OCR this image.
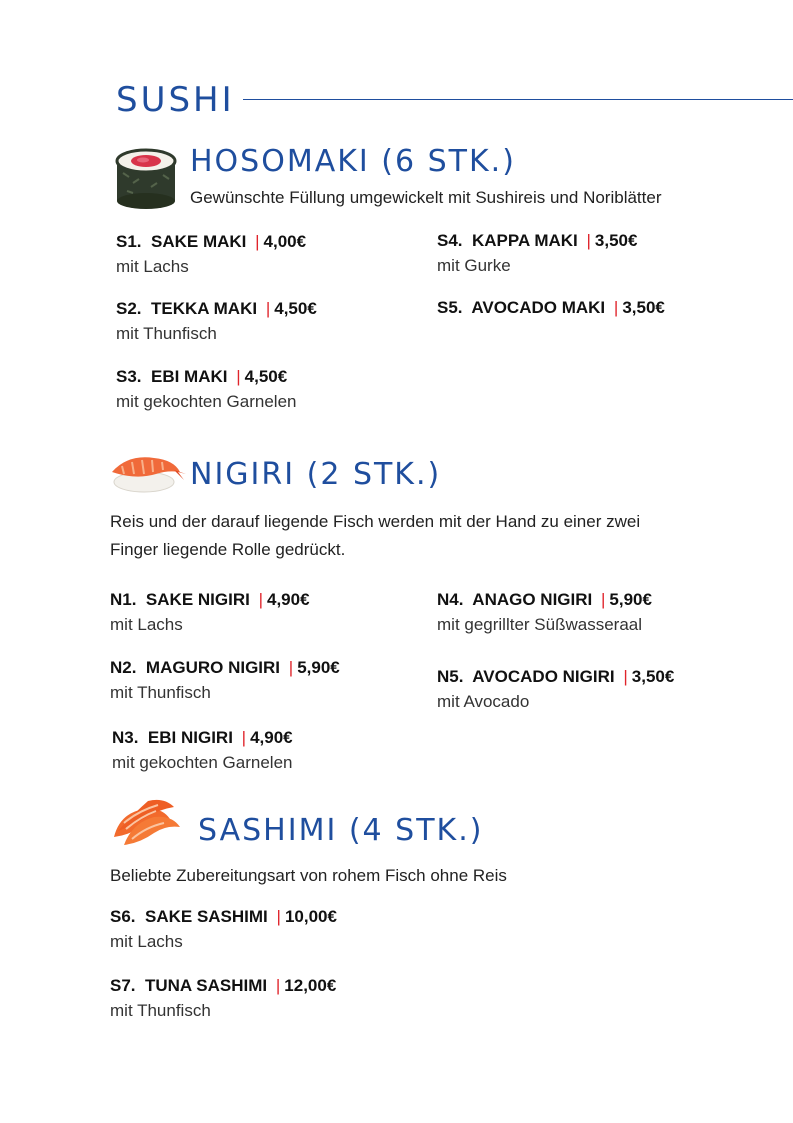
SUSHI
HOSOMAKI (6 STK.)
Gewünschte Füllung umgewickelt mit Sushireis und Noriblätter
S1. SAKE MAKI | 4,00€
mit Lachs
S2. TEKKA MAKI | 4,50€
mit Thunfisch
S3. EBI MAKI | 4,50€
mit gekochten Garnelen
S4. KAPPA MAKI | 3,50€
mit Gurke
S5. AVOCADO MAKI | 3,50€
NIGIRI (2 STK.)
Reis und der darauf liegende Fisch werden mit der Hand zu einer zwei
Finger liegende Rolle gedrückt.
N1. SAKE NIGIRI | 4,90€
mit Lachs
N2. MAGURO NIGIRI | 5,90€
mit Thunfisch
N3. EBI NIGIRI | 4,90€
mit gekochten Garnelen
N4. ANAGO NIGIRI | 5,90€
mit gegrillter Süßwasseraal
N5. AVOCADO NIGIRI | 3,50€
mit Avocado
SASHIMI (4 STK.)
Beliebte Zubereitungsart von rohem Fisch ohne Reis
S6. SAKE SASHIMI | 10,00€
mit Lachs
S7. TUNA SASHIMI | 12,00€
mit Thunfisch
